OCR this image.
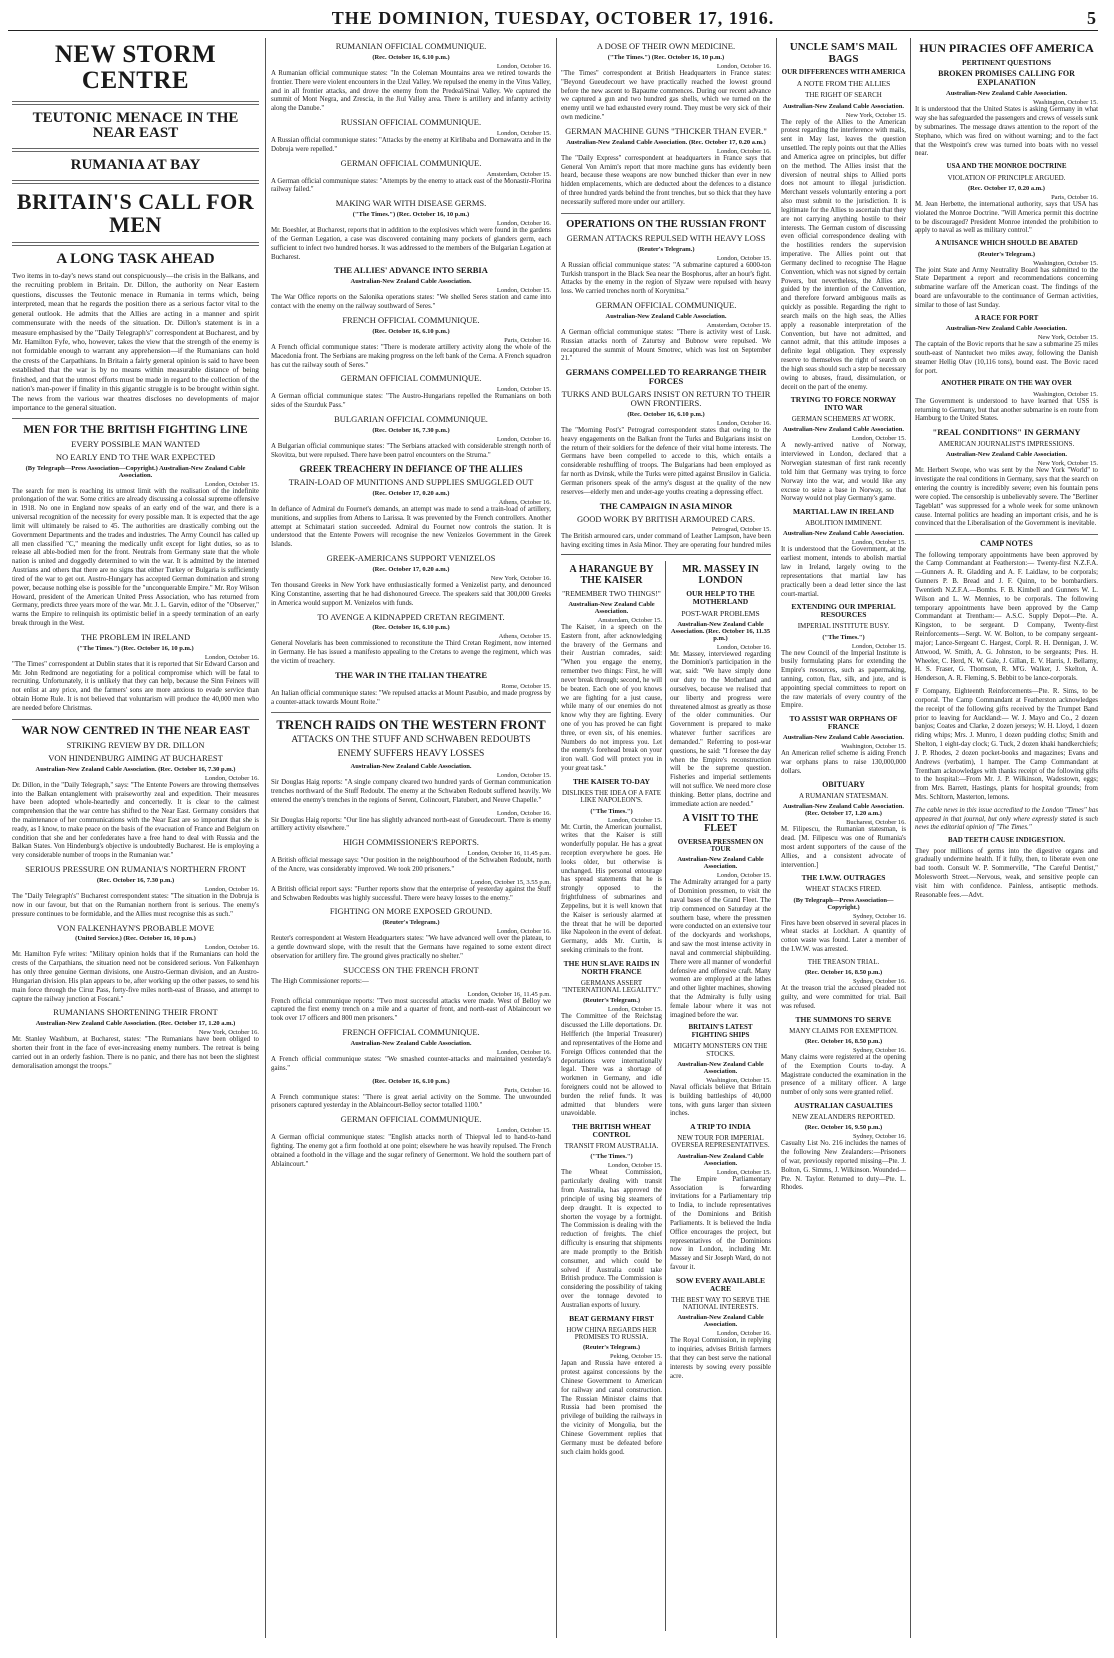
THE DOMINION, TUESDAY, OCTOBER 17, 1916.	5
NEW STORM CENTRE
TEUTONIC MENACE IN THE NEAR EAST
RUMANIA AT BAY
BRITAIN'S CALL FOR MEN
A LONG TASK AHEAD

Two items in to-day's news stand out conspicuously—the crisis in the Balkans, and the recruiting problem in Britain. Dr. Dillon, the authority on Near Eastern questions, discusses the Teutonic menace in Rumania in terms which, being interpreted, mean that he regards the position there as a serious factor vital to the general outlook. He admits that the Allies are acting in a manner and spirit commensurate with the needs of the situation. Dr. Dillon's statement is in a measure emphasised by the "Daily Telegraph's" correspondent at Bucharest, and by Mr. Hamilton Fyfe, who, however, takes the view that the strength of the enemy is not formidable enough to warrant any apprehension—if the Rumanians can hold the crests of the Carpathians. In Britain a fairly general opinion is said to have been established that the war is by no means within measurable distance of being finished, and that the utmost efforts must be made in regard to the collection of the nation's man-power if finality in this gigantic struggle is to be brought within sight. The news from the various war theatres discloses no developments of major importance to the general situation.

MEN FOR THE BRITISH FIGHTING LINE
EVERY POSSIBLE MAN WANTED
NO EARLY END TO THE WAR EXPECTED
(By Telegraph—Press Association—Copyright.) Australian-New Zealand Cable Association.

London, October 15.

The search for men is reaching its utmost limit with the realisation of the indefinite prolongation of the war. Some critics are already discussing a colossal supreme offensive in 1918. No one in England now speaks of an early end of the war, and there is a universal recognition of the necessity for every possible man. It is expected that the age limit will ultimately be raised to 45. The authorities are drastically combing out the Government Departments and the trades and industries. The Army Council has called up all men classified "C," meaning the medically unfit except for light duties, so as to release all able-bodied men for the front. Neutrals from Germany state that the whole nation is united and doggedly determined to win the war. It is admitted by the interned Austrians and others that there are no signs that either Turkey or Bulgaria is sufficiently tired of the war to get out. Austro-Hungary has accepted German domination and strong power, because nothing else is possible for the "unconquerable Empire." Mr. Roy Wilson Howard, president of the American United Press Association, who has returned from Germany, predicts three years more of the war. Mr. J. L. Garvin, editor of the "Observer," warns the Empire to relinquish its optimistic belief in a speedy termination of an early break through in the West.

THE PROBLEM IN IRELAND
("The Times.") (Rec. October 16, 10 p.m.)

London, October 16.

"The Times" correspondent at Dublin states that it is reported that Sir Edward Carson and Mr. John Redmond are negotiating for a political compromise which will be fatal to recruiting. Unfortunately, it is unlikely that they can help, because the Sinn Feiners will not enlist at any price, and the farmers' sons are more anxious to evade service than obtain Home Rule. It is not believed that voluntarism will produce the 40,000 men who are needed before Christmas.

WAR NOW CENTRED IN THE NEAR EAST
STRIKING REVIEW BY DR. DILLON
VON HINDENBURG AIMING AT BUCHAREST
Australian-New Zealand Cable Association. (Rec. October 16, 7.30 p.m.)

London, October 16.

Dr. Dillon, in the "Daily Telegraph," says: "The Entente Powers are throwing themselves into the Balkan entanglement with praiseworthy zeal and expedition. Their measures have been adopted whole-heartedly and concertedly. It is clear to the calmest comprehension that the war centre has shifted to the Near East. Germany considers that the maintenance of her communications with the Near East are so important that she is ready, as I know, to make peace on the basis of the evacuation of France and Belgium on condition that she and her confederates have a free hand to deal with Russia and the Balkan States. Von Hindenburg's objective is undoubtedly Bucharest. He is employing a very considerable number of troops in the Rumanian war."

SERIOUS PRESSURE ON RUMANIA'S NORTHERN FRONT
(Rec. October 16, 7.30 p.m.)

London, October 16.

The "Daily Telegraph's" Bucharest correspondent states: "The situation in the Dobruja is now in our favour, but that on the Rumanian northern front is serious. The enemy's pressure continues to be formidable, and the Allies must recognise this as such."

VON FALKENHAYN'S PROBABLE MOVE
(United Service.) (Rec. October 16, 10 p.m.)

London, October 16.

Mr. Hamilton Fyfe writes: "Military opinion holds that if the Rumanians can hold the crests of the Carpathians, the situation need not be considered serious. Von Falkenhayn has only three genuine German divisions, one Austro-German division, and an Austro-Hungarian division. His plan appears to be, after working up the other passes, to send his main force through the Ciruz Pass, forty-five miles north-east of Brasso, and attempt to capture the railway junction at Foscani."

RUMANIANS SHORTENING THEIR FRONT
Australian-New Zealand Cable Association. (Rec. October 17, 1.20 a.m.)

New York, October 16.

Mr. Stanley Washburn, at Bucharest, states: "The Rumanians have been obliged to shorten their front in the face of ever-increasing enemy numbers. The retreat is being carried out in an orderly fashion. There is no panic, and there has not been the slightest demoralisation amongst the troops."

RUMANIAN OFFICIAL COMMUNIQUE.
(Rec. October 16, 6.10 p.m.)

London, October 16.

A Rumanian official communique states: "In the Coleman Mountains area we retired towards the frontier. There were violent encounters in the Uzul Valley. We repulsed the enemy in the Vitus Valley, and in all frontier attacks, and drove the enemy from the Predeal/Sinai Valley. We captured the summit of Mont Negra, and Zrescia, in the Jiul Valley area. There is artillery and infantry activity along the Danube."

RUSSIAN OFFICIAL COMMUNIQUE.

London, October 15.

A Russian official communique states: "Attacks by the enemy at Kirlibaba and Dornawatra and in the Dobruja were repelled."

GERMAN OFFICIAL COMMUNIQUE.

Amsterdam, October 15.

A German official communique states: "Attempts by the enemy to attack east of the Monastir-Florina railway failed."

MAKING WAR WITH DISEASE GERMS.
("The Times.") (Rec. October 16, 10 p.m.)

London, October 16.

Mr. Boeshler, at Bucharest, reports that in addition to the explosives which were found in the gardens of the German Legation, a case was discovered containing many pockets of glanders germ, each sufficient to infect two hundred horses. It was addressed to the members of the Bulgarian Legation at Bucharest.

THE ALLIES' ADVANCE INTO SERBIA
Australian-New Zealand Cable Association.

London, October 15.

The War Office reports on the Salonika operations states: "We shelled Seres station and came into contact with the enemy on the railway southward of Seres."

FRENCH OFFICIAL COMMUNIQUE.
(Rec. October 16, 6.10 p.m.)

Paris, October 16.

A French official communique states: "There is moderate artillery activity along the whole of the Macedonia front. The Serbians are making progress on the left bank of the Cerna. A French squadron has cut the railway south of Seres."

GERMAN OFFICIAL COMMUNIQUE.

London, October 15.

A German official communique states: "The Austro-Hungarians repelled the Rumanians on both sides of the Szurduk Pass."

BULGARIAN OFFICIAL COMMUNIQUE.
(Rec. October 16, 7.30 p.m.)

London, October 16.

A Bulgarian official communique states: "The Serbians attacked with considerable strength north of Skovitza, but were repulsed. There have been patrol encounters on the Struma."

GREEK TREACHERY IN DEFIANCE OF THE ALLIES
TRAIN-LOAD OF MUNITIONS AND SUPPLIES SMUGGLED OUT
(Rec. October 17, 0.20 a.m.)

Athens, October 16.

In defiance of Admiral du Fournet's demands, an attempt was made to send a train-load of artillery, munitions, and supplies from Athens to Larissa. It was prevented by the French controllers. Another attempt at Schimatari station succeeded. Admiral du Fournet now controls the station. It is understood that the Entente Powers will recognise the new Venizelos Government in the Greek Islands.

GREEK-AMERICANS SUPPORT VENIZELOS
(Rec. October 17, 0.20 a.m.)

New York, October 16.

Ten thousand Greeks in New York have enthusiastically formed a Venizelist party, and denounced King Constantine, asserting that he had dishonoured Greece. The speakers said that 300,000 Greeks in America would support M. Venizelos with funds.

TO AVENGE A KIDNAPPED CRETAN REGIMENT.
(Rec. October 16, 6.10 p.m.)

Athens, October 15.

General Novelaris has been commissioned to reconstitute the Third Cretan Regiment, now interned in Germany. He has issued a manifesto appealing to the Cretans to avenge the regiment, which was the victim of treachery.

THE WAR IN THE ITALIAN THEATRE

Rome, October 15.

An Italian official communique states: "We repulsed attacks at Mount Pasubio, and made progress by a counter-attack towards Mount Roite."

TRENCH RAIDS ON THE WESTERN FRONT
ATTACKS ON THE STUFF AND SCHWABEN REDOUBTS
ENEMY SUFFERS HEAVY LOSSES
Australian-New Zealand Cable Association.

London, October 15.

Sir Douglas Haig reports: "A single company cleared two hundred yards of German communication trenches northward of the Stuff Redoubt. The enemy at the Schwaben Redoubt suffered heavily. We entered the enemy's trenches in the regions of Serent, Colincourt, Flatubert, and Neuve Chapelle."

London, October 16.

Sir Douglas Haig reports: "Our line has slightly advanced north-east of Gueudecourt. There is enemy artillery activity elsewhere."

HIGH COMMISSIONER'S REPORTS.

London, October 16, 11.45 p.m.

A British official message says: "Our position in the neighbourhood of the Schwaben Redoubt, north of the Ancre, was considerably improved. We took 200 prisoners."

London, October 15, 3.55 p.m.

A British official report says: "Further reports show that the enterprise of yesterday against the Stuff and Schwaben Redoubts was highly successful. There were heavy losses to the enemy."

FIGHTING ON MORE EXPOSED GROUND.
(Reuter's Telegram.)

London, October 16.

Reuter's correspondent at Western Headquarters states: "We have advanced well over the plateau, to a gentle downward slope, with the result that the Germans have regained to some extent direct observation for artillery fire. The ground gives practically no shelter."

SUCCESS ON THE FRENCH FRONT

The High Commissioner reports:—

London, October 16, 11.45 p.m.

French official communique reports: "Two most successful attacks were made. West of Belloy we captured the first enemy trench on a mile and a quarter of front, and north-east of Ablaincourt we took over 17 officers and 800 men prisoners."

FRENCH OFFICIAL COMMUNIQUE.
Australian-New Zealand Cable Association.

London, October 16.

A French official communique states: "We smashed counter-attacks and maintained yesterday's gains."

(Rec. October 16, 6.10 p.m.)

Paris, October 16.

A French communique states: "There is great aerial activity on the Somme. The unwounded prisoners captured yesterday in the Ablaincourt-Belloy sector totalled 1100."

GERMAN OFFICIAL COMMUNIQUE.

London, October 15.

A German official communique states: "English attacks north of Thiepval led to hand-to-hand fighting. The enemy got a firm foothold at one point; elsewhere he was heavily repulsed. The French obtained a foothold in the village and the sugar refinery of Genermont. We hold the southern part of Ablaincourt."

A DOSE OF THEIR OWN MEDICINE.
("The Times.") (Rec. October 16, 10 p.m.)

London, October 16.

"The Times" correspondent at British Headquarters in France states: "Beyond Gueudecourt we have practically reached the lowest ground before the new ascent to Bapaume commences. During our recent advance we captured a gun and two hundred gas shells, which we turned on the enemy until we had exhausted every round. They must be very sick of their own medicine."

GERMAN MACHINE GUNS "THICKER THAN EVER."
Australian-New Zealand Cable Association. (Rec. October 17, 0.20 a.m.)

London, October 16.

The "Daily Express" correspondent at headquarters in France says that General Von Arnim's report that more machine guns has evidently been heard, because these weapons are now bunched thicker than ever in new hidden emplacements, which are deducted about the defences to a distance of three hundred yards behind the front trenches, but so thick that they have necessarily suffered more under our artillery.

OPERATIONS ON THE RUSSIAN FRONT
GERMAN ATTACKS REPULSED WITH HEAVY LOSS
(Reuter's Telegram.)

London, October 15.

A Russian official communique states: "A submarine captured a 6000-ton Turkish transport in the Black Sea near the Bosphorus, after an hour's fight. Attacks by the enemy in the region of Slyzaw were repulsed with heavy loss. We carried trenches north of Korytnitsa."

GERMAN OFFICIAL COMMUNIQUE.
Australian-New Zealand Cable Association.

Amsterdam, October 15.

A German official communique states: "There is activity west of Lusk. Russian attacks north of Zaturtsy and Bubnow were repulsed. We recaptured the summit of Mount Smotrec, which was lost on September 21."

GERMANS COMPELLED TO REARRANGE THEIR FORCES
TURKS AND BULGARS INSIST ON RETURN TO THEIR OWN FRONTIERS.
(Rec. October 16, 6.10 p.m.)

London, October 16.

The "Morning Post's" Petrograd correspondent states that owing to the heavy engagements on the Balkan front the Turks and Bulgarians insist on the return of their soldiers for the defence of their vital home interests. The Germans have been compelled to accede to this, which entails a considerable reshuffling of troops. The Bulgarians had been employed as far north as Dvinsk, while the Turks were pitted against Brusilov in Galicia. German prisoners speak of the army's disgust at the quality of the new reserves—elderly men and under-age youths creating a depressing effect.

THE CAMPAIGN IN ASIA MINOR
GOOD WORK BY BRITISH ARMOURED CARS.

Petrograd, October 15.

The British armoured cars, under command of Leather Lampson, have been having exciting times in Asia Minor. They are operating four hundred miles

A HARANGUE BY THE KAISER
"REMEMBER TWO THINGS!"
Australian-New Zealand Cable Association.

Amsterdam, October 15.

The Kaiser, in a speech on the Eastern front, after acknowledging the bravery of the Germans and their Austrian comrades, said: "When you engage the enemy, remember two things: First, he will never break through; second, he will be beaten. Each one of you knows we are fighting for a just cause, while many of our enemies do not know why they are fighting. Every one of you has proved he can fight three, or even six, of his enemies. Numbers do not impress you. Let the enemy's forehead break on your iron wall. God will protect you in your great task."

THE KAISER TO-DAY
DISLIKES THE IDEA OF A FATE LIKE NAPOLEON'S.
("The Times.")

London, October 15.

Mr. Curtin, the American journalist, writes that the Kaiser is still wonderfully popular. He has a great reception everywhere he goes. He looks older, but otherwise is unchanged. His personal entourage has spread statements that he is strongly opposed to the frightfulness of submarines and Zeppelins, but it is well known that the Kaiser is seriously alarmed at the threat that he will be deported like Napoleon in the event of defeat. Germany, adds Mr. Curtin, is seeking criminals to the front.

THE HUN SLAVE RAIDS IN NORTH FRANCE
GERMANS ASSERT "INTERNATIONAL LEGALITY."
(Reuter's Telegram.)

London, October 15.

The Committee of the Reichstag discussed the Lille deportations. Dr. Helfferich (the Imperial Treasurer) and representatives of the Home and Foreign Offices contended that the deportations were internationally legal. There was a shortage of workmen in Germany, and idle foreigners could not be allowed to burden the relief funds. It was admitted that blunders were unavoidable.

THE BRITISH WHEAT CONTROL
TRANSIT FROM AUSTRALIA.
("The Times.")

London, October 15.

The Wheat Commission, particularly dealing with transit from Australia, has approved the principle of using big steamers of deep draught. It is expected to shorten the voyage by a fortnight. The Commission is dealing with the reduction of freights. The chief difficulty is ensuring that shipments are made promptly to the British consumer, and which could be solved if Australia could take British produce. The Commission is considering the possibility of taking over the tonnage devoted to Australian exports of luxury.

BEAT GERMANY FIRST
HOW CHINA REGARDS HER PROMISES TO RUSSIA.
(Reuter's Telegram.)

Peking, October 15.

Japan and Russia have entered a protest against concessions by the Chinese Government to American for railway and canal construction. The Russian Minister claims that Russia had been promised the privilege of building the railways in the vicinity of Mongolia, but the Chinese Government replies that Germany must be defeated before such claim holds good.

MR. MASSEY IN LONDON
OUR HELP TO THE MOTHERLAND
POST-WAR PROBLEMS
Australian-New Zealand Cable Association. (Rec. October 16, 11.35 p.m.)

London, October 16.

Mr. Massey, interviewed regarding the Dominion's participation in the war, said: "We have simply done our duty to the Motherland and ourselves, because we realised that our liberty and progress were threatened almost as greatly as those of the older communities. Our Government is prepared to make whatever further sacrifices are demanded." Referring to post-war questions, he said: "I foresee the day when the Empire's reconstruction will be the supreme question. Fisheries and imperial settlements will not suffice. We need more close thinking. Better plans, doctrine and immediate action are needed."

A VISIT TO THE FLEET
OVERSEA PRESSMEN ON TOUR
Australian-New Zealand Cable Association.

London, October 15.

The Admiralty arranged for a party of Dominion pressmen, to visit the naval bases of the Grand Fleet. The trip commenced on Saturday at the southern base, where the pressmen were conducted on an extensive tour of the dockyards and workshops, and saw the most intense activity in naval and commercial shipbuilding. There were all manner of wonderful defensive and offensive craft. Many women are employed at the lathes and other lighter machines, showing that the Admiralty is fully using female labour where it was not imagined before the war.

BRITAIN'S LATEST FIGHTING SHIPS
MIGHTY MONSTERS ON THE STOCKS.
Australian-New Zealand Cable Association.

Washington, October 15.

Naval officials believe that Britain is building battleships of 40,000 tons, with guns larger than sixteen inches.

A TRIP TO INDIA
NEW TOUR FOR IMPERIAL OVERSEA REPRESENTATIVES.
Australian-New Zealand Cable Association.

London, October 15.

The Empire Parliamentary Association is forwarding invitations for a Parliamentary trip to India, to include representatives of the Dominions and British Parliaments. It is believed the India Office encourages the project, but representatives of the Dominions now in London, including Mr. Massey and Sir Joseph Ward, do not favour it.

SOW EVERY AVAILABLE ACRE
THE BEST WAY TO SERVE THE NATIONAL INTERESTS.
Australian-New Zealand Cable Association.

London, October 16.

The Royal Commission, in replying to inquiries, advises British farmers that they can best serve the national interests by sowing every possible acre.

UNCLE SAM'S MAIL BAGS
OUR DIFFERENCES WITH AMERICA
A NOTE FROM THE ALLIES
THE RIGHT OF SEARCH
Australian-New Zealand Cable Association.

New York, October 15.

The reply of the Allies to the American protest regarding the interference with mails, sent in May last, leaves the question unsettled. The reply points out that the Allies and America agree on principles, but differ on the method. The Allies insist that the diversion of neutral ships to Allied ports does not amount to illegal jurisdiction. Merchant vessels voluntarily entering a port also must submit to the jurisdiction. It is legitimate for the Allies to ascertain that they are not carrying anything hostile to their interests. The German custom of discussing even official correspondence dealing with the hostilities renders the supervision imperative. The Allies point out that Germany declined to recognise The Hague Convention, which was not signed by certain Powers, but nevertheless, the Allies are guided by the intention of the Convention, and therefore forward ambiguous mails as quickly as possible. Regarding the right to search mails on the high seas, the Allies apply a reasonable interpretation of the Convention, but have not admitted, and cannot admit, that this attitude imposes a definite legal obligation. They expressly reserve to themselves the right of search on the high seas should such a step be necessary owing to abuses, fraud, dissimulation, or deceit on the part of the enemy.

TRYING TO FORCE NORWAY INTO WAR
GERMAN SCHEMERS AT WORK.
Australian-New Zealand Cable Association.

London, October 15.

A newly-arrived native of Norway, interviewed in London, declared that a Norwegian statesman of first rank recently told him that Germany was trying to force Norway into the war, and would like any excuse to seize a base in Norway, so that Norway would not play Germany's game.

MARTIAL LAW IN IRELAND
ABOLITION IMMINENT.
Australian-New Zealand Cable Association.

London, October 15.

It is understood that the Government, at the earliest moment, intends to abolish martial law in Ireland, largely owing to the representations that martial law has practically been a dead letter since the last court-martial.

EXTENDING OUR IMPERIAL RESOURCES
IMPERIAL INSTITUTE BUSY.
("The Times.")

London, October 15.

The new Council of the Imperial Institute is busily formulating plans for extending the Empire's resources, such as papermaking, tanning, cotton, flax, silk, and jute, and is appointing special committees to report on the raw materials of every country of the Empire.

TO ASSIST WAR ORPHANS OF FRANCE
Australian-New Zealand Cable Association.

Washington, October 15.

An American relief scheme is aiding French war orphans plans to raise 130,000,000 dollars.

OBITUARY
A RUMANIAN STATESMAN.
Australian-New Zealand Cable Association. (Rec. October 17, 1.20 a.m.)

Bucharest, October 16.

M. Filipescu, the Rumanian statesman, is dead. [M. Filipescu was one of Rumania's most ardent supporters of the cause of the Allies, and a consistent advocate of intervention.]

THE I.W.W. OUTRAGES
WHEAT STACKS FIRED.
(By Telegraph—Press Association—Copyright.)

Sydney, October 16.

Fires have been observed in several places in wheat stacks at Lockhart. A quantity of cotton waste was found. Later a member of the I.W.W. was arrested.

THE TREASON TRIAL.
(Rec. October 16, 8.50 p.m.)

Sydney, October 16.

At the treason trial the accused pleaded not guilty, and were committed for trial. Bail was refused.

THE SUMMONS TO SERVE
MANY CLAIMS FOR EXEMPTION.
(Rec. October 16, 8.50 p.m.)

Sydney, October 16.

Many claims were registered at the opening of the Exemption Courts to-day. A Magistrate conducted the examination in the presence of a military officer. A large number of only sons were granted relief.

AUSTRALIAN CASUALTIES
NEW ZEALANDERS REPORTED.
(Rec. October 16, 9.50 p.m.)

Sydney, October 16.

Casualty List No. 216 includes the names of the following New Zealanders:—Prisoners of war, previously reported missing—Pte. J. Bolton, G. Simms, J. Wilkinson. Wounded—Pte. N. Taylor. Returned to duty—Pte. L. Rhodes.

HUN PIRACIES OFF AMERICA
PERTINENT QUESTIONS
BROKEN PROMISES CALLING FOR EXPLANATION
Australian-New Zealand Cable Association.

Washington, October 15.

It is understood that the United States is asking Germany in what way she has safeguarded the passengers and crews of vessels sunk by submarines. The message draws attention to the report of the Stephano, which was fired on without warning; and to the fact that the Westpoint's crew was turned into boats with no vessel near.

USA AND THE MONROE DOCTRINE
VIOLATION OF PRINCIPLE ARGUED.
(Rec. October 17, 0.20 a.m.)

Paris, October 16.

M. Jean Herbette, the international authority, says that USA has violated the Monroe Doctrine. "Will America permit this doctrine to be discouraged? President Monroe intended the prohibition to apply to naval as well as military control."

A NUISANCE WHICH SHOULD BE ABATED
(Reuter's Telegram.)

Washington, October 15.

The joint State and Army Neutrality Board has submitted to the State Department a report and recommendations concerning submarine warfare off the American coast. The findings of the board are unfavourable to the continuance of German activities, similar to those of last Sunday.

A RACE FOR PORT
Australian-New Zealand Cable Association.

New York, October 15.

The captain of the Bovic reports that he saw a submarine 25 miles south-east of Nantucket two miles away, following the Danish steamer Hellig Olav (10,116 tons), bound east. The Bovic raced for port.

ANOTHER PIRATE ON THE WAY OVER

Washington, October 15.

The Government is understood to have learned that USS is returning to Germany, but that another submarine is en route from Hamburg to the United States.

"REAL CONDITIONS" IN GERMANY
AMERICAN JOURNALIST'S IMPRESSIONS.
Australian-New Zealand Cable Association.

New York, October 15.

Mr. Herbert Swope, who was sent by the New York "World" to investigate the real conditions in Germany, says that the search on entering the country is incredibly severe; even his fountain pens were copied. The censorship is unbelievably severe. The "Berliner Tageblatt" was suppressed for a whole week for some unknown cause. Internal politics are heading an important crisis, and he is convinced that the Liberalisation of the Government is inevitable.

CAMP NOTES

The following temporary appointments have been approved by the Camp Commandant at Featherston:— Twenty-first N.Z.F.A.—Gunners A. R. Gladding and A. F. Laidlaw, to be corporals; Gunners P. B. Bread and J. F. Quinn, to be bombardiers. Twentieth N.Z.F.A.—Bombs. F. B. Kimbell and Gunners W. L. Wilson and L. W. Mennies, to be corporals. The following temporary appointments have been approved by the Camp Commandant at Trentham:— A.S.C. Supply Depot—Pte. A. Kingston, to be sergeant. D Company, Twenty-first Reinforcements—Sergt. W. W. Bolton, to be company sergeant-major; Lance-Sergeant C. Hargest, Corpl. R. H. Dennigan, J. W. Attwood, W. Smith, A. G. Johnston, to be sergeants; Ptes. H. Wheeler, C. Herd, N. W. Gale, J. Gillan, E. V. Harris, J. Bellamy, H. S. Fraser, G. Thomson, R. M'G. Walker, J. Skelton, A. Henderson, A. R. Fleming, S. Bebbit to be lance-corporals.

F Company, Eighteenth Reinforcements—Pte. R. Sims, to be corporal. The Camp Commandant at Featherston acknowledges the receipt of the following gifts received by the Trumpet Band prior to leaving for Auckland:— W. J. Mayo and Co., 2 dozen banjos; Coates and Clarke, 2 dozen jerseys; W. H. Lloyd, 1 dozen riding whips; Mrs. J. Munro, 1 dozen pudding cloths; Smith and Shelton, 1 eight-day clock; G. Tuck, 2 dozen khaki handkerchiefs; J. P. Rhodes, 2 dozen pocket-books and magazines; Evans and Andrews (verbatim), 1 hamper. The Camp Commandant at Trentham acknowledges with thanks receipt of the following gifts to the hospital:—From Mr. J. P. Wilkinson, Wadestown, eggs; from Mrs. Barrett, Hastings, plants for hospital grounds; from Mrs. Schltorn, Masterton, lemons.

The cable news in this issue accredited to the London "Times" has appeared in that journal, but only where expressly stated is such news the editorial opinion of "The Times."

BAD TEETH CAUSE INDIGESTION.

They poor millions of germs into the digestive organs and gradually undermine health. If it fully, then, to liberate even one bad tooth. Consult W. P. Sommerville, "The Careful Dentist," Molesworth Street.—Nervous, weak, and sensitive people can visit him with confidence. Painless, antiseptic methods. Reasonable fees.—Advt.
